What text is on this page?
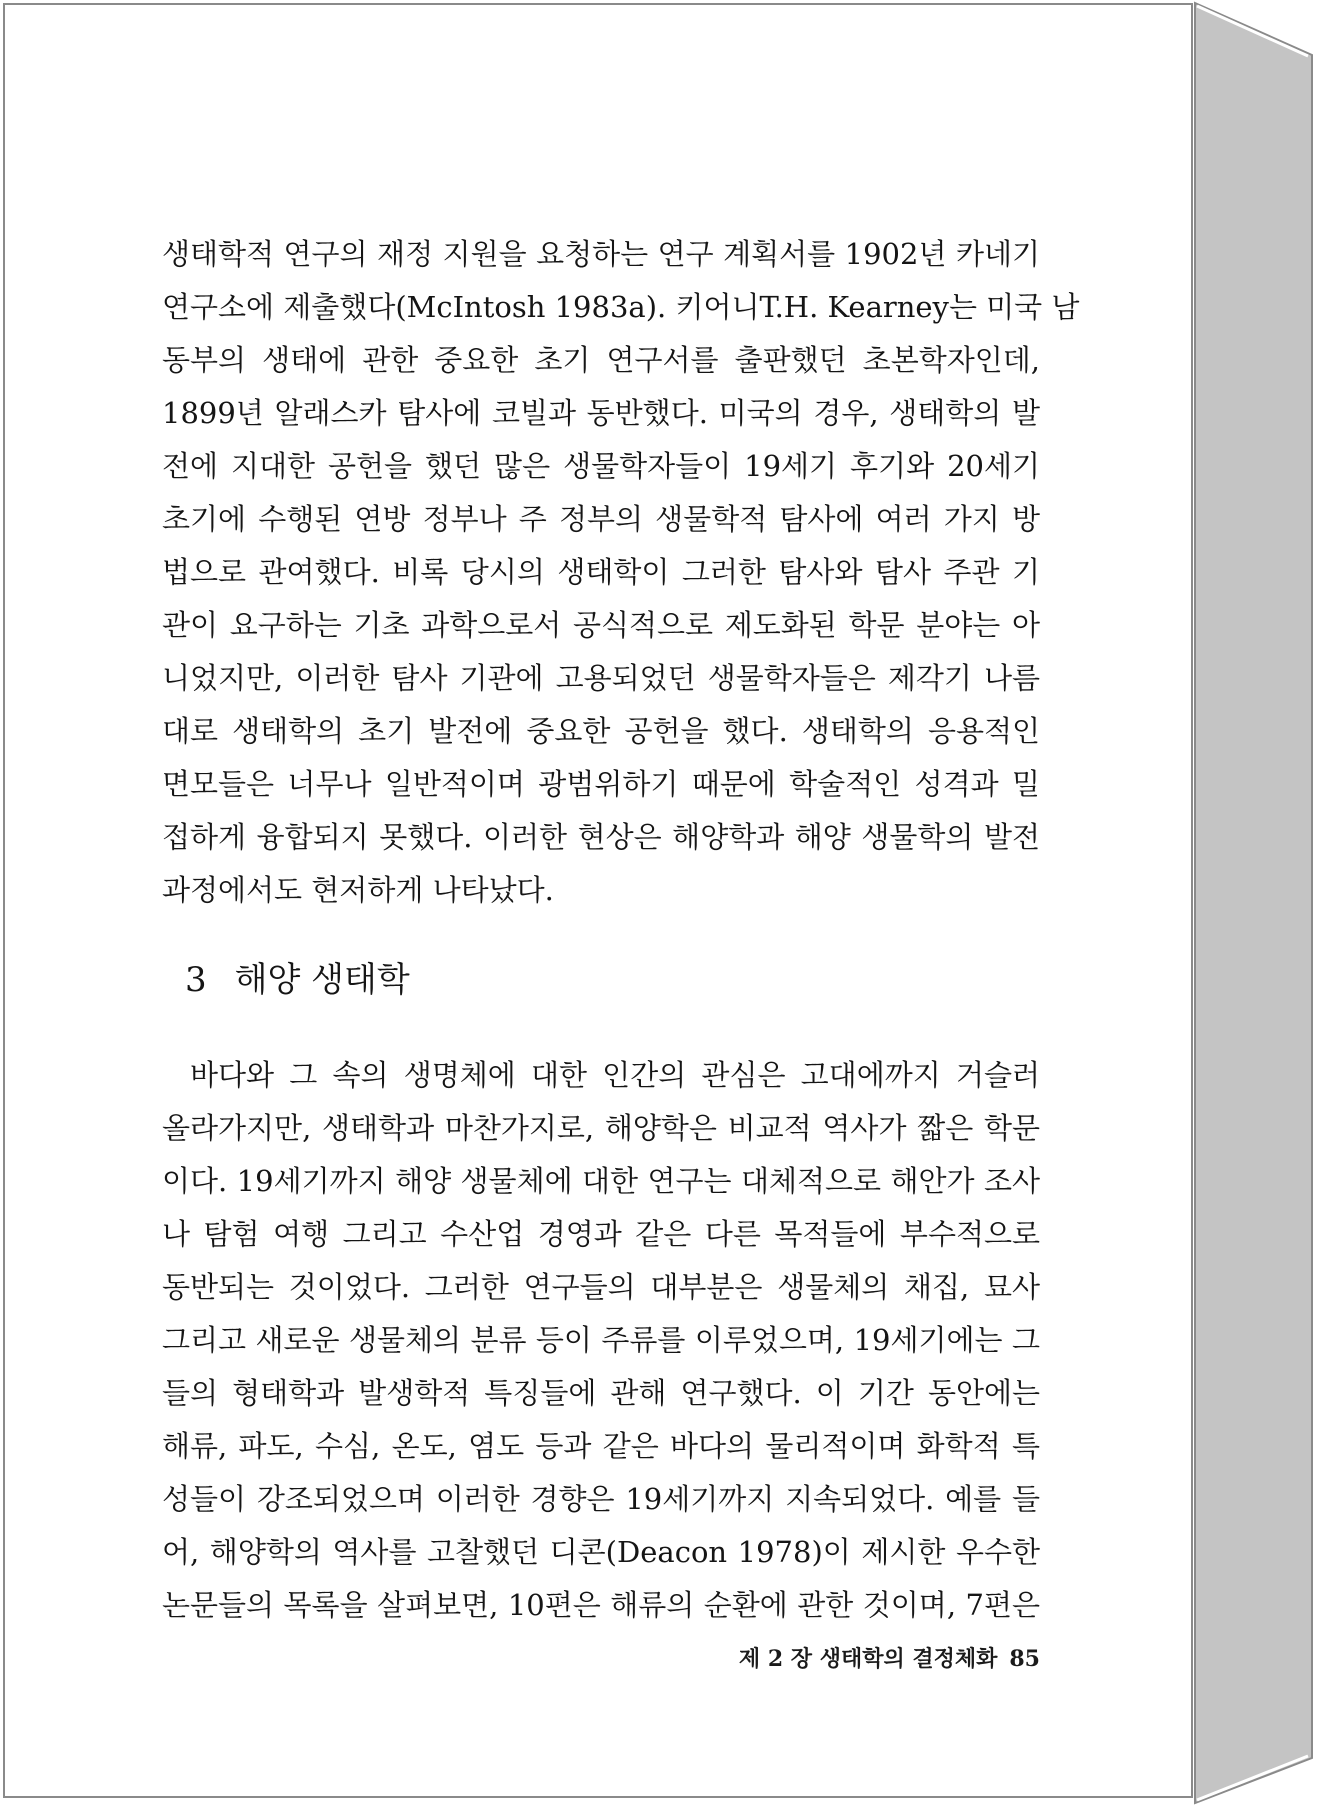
생태학적 연구의 재정 지원을 요청하는 연구 계획서를 1902년 카네기
연구소에 제출했다(McIntosh 1983a). 키어니T.H. Kearney는 미국 남
동부의 생태에 관한 중요한 초기 연구서를 출판했던 초본학자인데,
1899년 알래스카 탐사에 코빌과 동반했다. 미국의 경우, 생태학의 발
전에 지대한 공헌을 했던 많은 생물학자들이 19세기 후기와 20세기
초기에 수행된 연방 정부나 주 정부의 생물학적 탐사에 여러 가지 방
법으로 관여했다. 비록 당시의 생태학이 그러한 탐사와 탐사 주관 기
관이 요구하는 기초 과학으로서 공식적으로 제도화된 학문 분야는 아
니었지만, 이러한 탐사 기관에 고용되었던 생물학자들은 제각기 나름
대로 생태학의 초기 발전에 중요한 공헌을 했다. 생태학의 응용적인
면모들은 너무나 일반적이며 광범위하기 때문에 학술적인 성격과 밀
접하게 융합되지 못했다. 이러한 현상은 해양학과 해양 생물학의 발전
과정에서도 현저하게 나타났다.
3 해양 생태학
바다와 그 속의 생명체에 대한 인간의 관심은 고대에까지 거슬러
올라가지만, 생태학과 마찬가지로, 해양학은 비교적 역사가 짧은 학문
이다. 19세기까지 해양 생물체에 대한 연구는 대체적으로 해안가 조사
나 탐험 여행 그리고 수산업 경영과 같은 다른 목적들에 부수적으로
동반되는 것이었다. 그러한 연구들의 대부분은 생물체의 채집, 묘사
그리고 새로운 생물체의 분류 등이 주류를 이루었으며, 19세기에는 그
들의 형태학과 발생학적 특징들에 관해 연구했다. 이 기간 동안에는
해류, 파도, 수심, 온도, 염도 등과 같은 바다의 물리적이며 화학적 특
성들이 강조되었으며 이러한 경향은 19세기까지 지속되었다. 예를 들
어, 해양학의 역사를 고찰했던 디콘(Deacon 1978)이 제시한 우수한
논문들의 목록을 살펴보면, 10편은 해류의 순환에 관한 것이며, 7편은
제 2 장 생태학의 결정체화 85
